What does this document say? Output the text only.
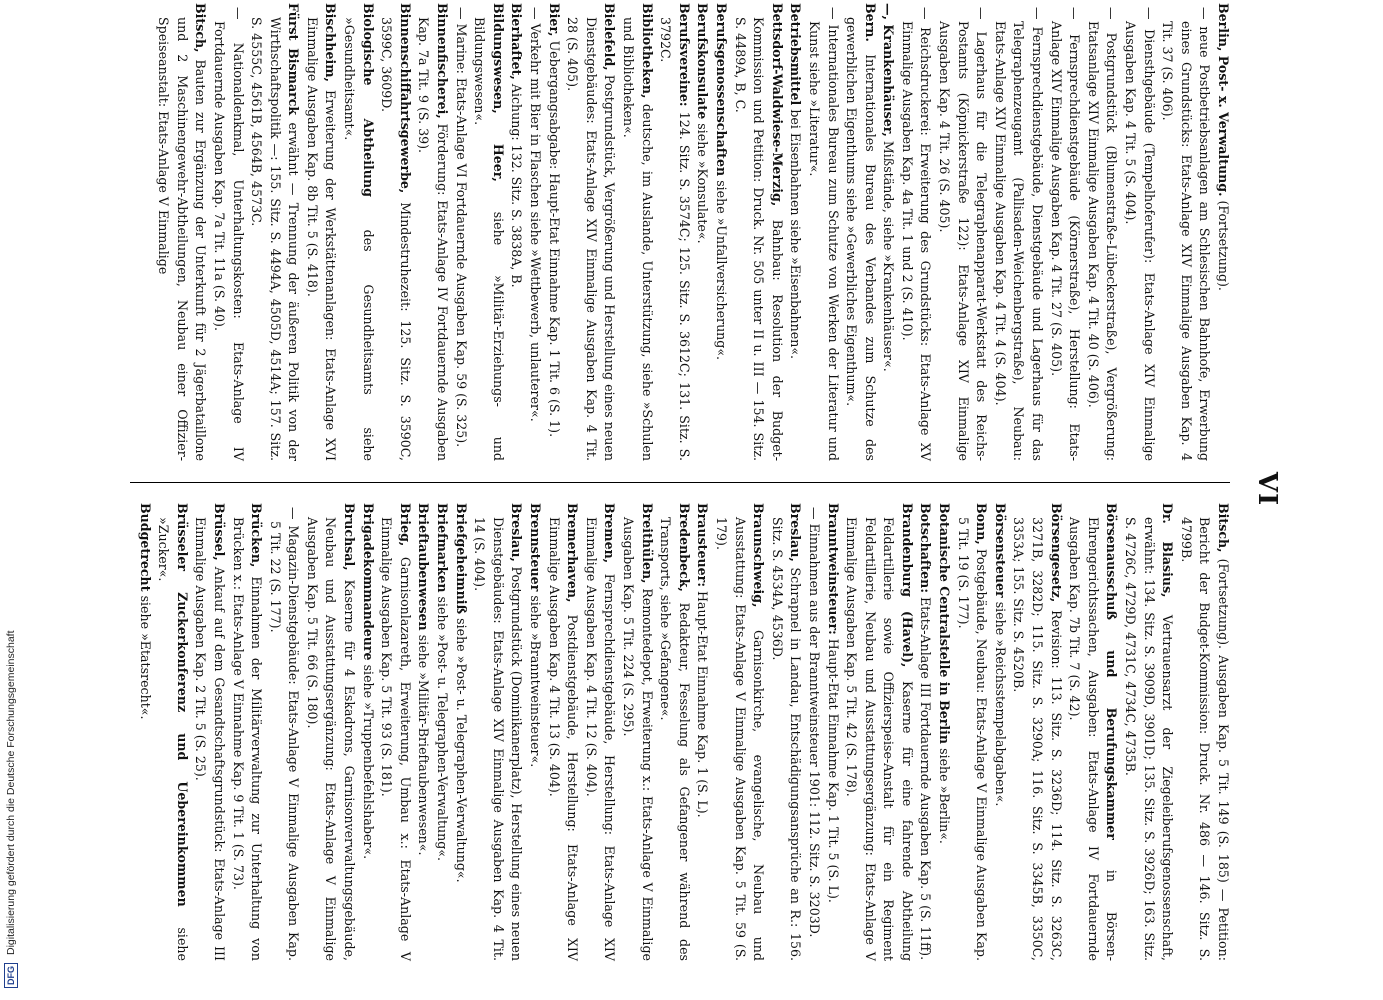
DFG
Digitalisierung gefördert durch die Deutsche Forschungsgemeinschaft
VI

Berlin, Post- x. Verwaltung. (Fortsetzung).

— neue Postbetriebsanlagen am Schlesischen Bahnhofe, Erwerbung eines Grundstücks: Etats-Anlage XIV Einmalige Ausgaben Kap. 4 Tit. 37 (S. 406).

— Diensthgebäude (Tempelhoferufer): Etats-Anlage XIV Einmalige Ausgaben Kap. 4 Tit. 5 (S. 404).

— Postgrundstück (Blumenstraße-Lübeckerstraße), Vergrößerung: Etatsanlage XIV Einmalige Ausgaben Kap. 4 Tit. 40 (S. 406).

— Fernsprechdienstgebäude (Körnerstraße), Herstellung: Etats-Anlage XIV Einmalige Ausgaben Kap. 4 Tit. 27 (S. 405).

— Fernsprechdienstgebäude, Dienstgebäude und Lagerhaus für das Telegraphenzeugamt (Pallisaden-Weichenbergstraße), Neubau: Etats-Anlage XIV Einmalige Ausgaben Kap. 4 Tit. 4 (S. 404).

— Lagerhaus für die Telegraphenapparat-Werkstatt des Reichs-Postamts (Köpnickerstraße 122): Etats-Anlage XIV Einmalige Ausgaben Kap. 4 Tit. 26 (S. 405).

— Reichsdruckerei: Erweiterung des Grundstücks: Etats-Anlage XV Einmalige Ausgaben Kap. 4a Tit. 1 und 2 (S. 410).

—, Krankenhäuser, Mißstände, siehe »Krankenhäuser«.

Bern. Internationales Bureau des Verbandes zum Schutze des gewerblichen Eigenthums siehe »Gewerbliches Eigenthum«.

— Internationales Bureau zum Schutze von Werken der Literatur und Kunst siehe »Literatur«.

Betriebsmittel bei Eisenbahnen siehe »Eisenbahnen«.

Bettsdorf-Waldwiese-Merzig, Bahnbau: Resolution der Budget-Kommission und Petition: Druck. Nr. 505 unter II u. III — 154. Sitz. S. 4489A, B, C.

Berufsgenossenschaften siehe »Unfallversicherung«.

Berufskonsulate siehe »Konsulate«.

Berufsvereine: 124. Sitz. S. 3574C; 125. Sitz. S. 3612C; 131. Sitz. S. 3792C.

Bibliotheken, deutsche, im Auslande, Unterstützung, siehe »Schulen und Bibliotheken«.

Bielefeld, Postgrundstück, Vergrößerung und Herstellung eines neuen Dienstgebäudes: Etats-Anlage XIV Einmalige Ausgaben Kap. 4 Tit. 28 (S. 405).

Bier, Uebergangsabgabe: Haupt-Etat Einnahme Kap. 1 Tit. 6 (S. 1).

— Verkehr mit Bier in Flaschen siehe »Wettbewerb, unlauterer«.

Bierhaftet, Aichung: 132. Sitz. S. 3838A, B.

Bildungswesen, Heer, siehe »Militär-Erziehungs- und Bildungswesen«.

— Marine: Etats-Anlage VI Fortdauernde Ausgaben Kap. 59 (S. 325).

Binnenfischerei, Förderung: Etats-Anlage IV Fortdauernde Ausgaben Kap. 7a Tit. 9 (S. 39).

Binnenschiffahrtsgewerbe, Mindestruhezeit: 125. Sitz. S. 3590C, 3599C, 3609D.

Biologische Abtheilung des Gesundheitsamts siehe »Gesundheitsamt«.

Bischheim, Erweiterung der Werkstättenanlagen: Etats-Anlage XVI Einmalige Ausgaben Kap. 8b Tit. 5 (S. 418).

Fürst Bismarck erwähnt — Trennung der äußeren Politik von der Wirthschaftspolitik —: 155. Sitz. S. 4494A, 4505D, 4514A; 157. Sitz. S. 4555C, 4561B, 4564B, 4573C.

— Nationaldenkmal, Unterhaltungskosten: Etats-Anlage IV Fortdauernde Ausgaben Kap. 7a Tit. 11a (S. 40).

Bitsch, Bauten zur Ergänzung der Unterkunft für 2 Jägerbataillone und 2 Maschinengewehr-Abtheilungen, Neubau einer Offizier-Speiseanstalt: Etats-Anlage V Einmalige

Bitsch, (Fortsetzung). Ausgaben Kap. 5 Tit. 149 (S. 185) — Petition: Bericht der Budget-Kommission: Druck. Nr. 486 — 146. Sitz. S. 4799B.

Dr. Blasius, Vertrauensarzt der Ziegeleiberufsgenossenschaft, erwähnt: 134. Sitz. S. 3909D, 3901D; 135. Sitz. S. 3926D; 163. Sitz. S. 4726C, 4729D, 4731C, 4734C, 4735B.

Börsenausschuß und Berufungskammer in Börsen-Ehrengerichtssachen, Ausgaben: Etats-Anlage IV Fortdauernde Ausgaben Kap. 7b Tit. 7 (S. 42).

Börsengesetz, Revision: 113. Sitz. S. 3236D; 114. Sitz. S. 3263C, 3271B, 3282D; 115. Sitz. S. 3290A; 116. Sitz. S. 3345B, 3350C, 3353A; 155. Sitz. S. 4520B.

Börsensteuer siehe »Reichsstempelabgaben«.

Bonn, Postgebäude, Neubau: Etats-Anlage V Einmalige Ausgaben Kap. 5 Tit. 19 (S. 177).

Botanische Centralstelle in Berlin siehe »Berlin«.

Botschaften: Etats-Anlage III Fortdauernde Ausgaben Kap. 5 (S. 11ff).

Brandenburg (Havel), Kaserne für eine fahrende Abtheilung Feldartillerie sowie Offizierspeise-Anstalt für ein Regiment Feldartillerie, Neubau und Ausstattungsergänzung: Etats-Anlage V Einmalige Ausgaben Kap. 5 Tit. 42 (S. 178).

Branntweinsteuer: Haupt-Etat Einnahme Kap. 1 Tit. 5 (S. L).

— Einnahmen aus der Branntweinsteuer 1901: 112. Sitz. S. 3203D.

Breslau, Schrapnel in Landau, Entschädigungsansprüche an R.: 156. Sitz. S. 4534A, 4536D.

Braunschweig, Garnisonkirche, evangelische, Neubau und Ausstattung: Etats-Anlage V Einmalige Ausgaben Kap. 5 Tit. 59 (S. 179).

Brausteuer: Haupt-Etat Einnahme Kap. 1 (S. L).

Bredenbeck, Redakteur, Fesselung als Gefangener während des Transports, siehe »Gefangene«.

Breithülen, Remontedepot, Erweiterung x.: Etats-Anlage V Einmalige Ausgaben Kap. 5 Tit. 224 (S. 295).

Bremen, Fernsprechdienstgebäude, Herstellung: Etats-Anlage XIV Einmalige Ausgaben Kap. 4 Tit. 12 (S. 404).

Bremerhaven, Postdienstgebäude, Herstellung: Etats-Anlage XIV Einmalige Ausgaben Kap. 4 Tit. 13 (S. 404).

Brennsteuer siehe »Branntweinsteuer«.

Breslau, Postgrundstück (Dominikanerplatz), Herstellung eines neuen Dienstgebäudes: Etats-Anlage XIV Einmalige Ausgaben Kap. 4 Tit. 14 (S. 404).

Briefgeheimniß siehe »Post- u. Telegraphen-Verwaltung«.

Briefmarken siehe »Post- u. Telegraphen-Verwaltung«.

Brieftaubenwesen siehe »Militär-Brieftaubenwesen«.

Brieg, Garnisonlazareth, Erweiterung, Umbau x.: Etats-Anlage V Einmalige Ausgaben Kap. 5 Tit. 93 (S. 181).

Brigadekommandeure siehe »Truppenbefehlshaber«.

Bruchsal, Kaserne für 4 Eskadrons, Garnisonverwaltungsgebäude, Neubau und Ausstattungsergänzung: Etats-Anlage V Einmalige Ausgaben Kap. 5 Tit. 66 (S. 180).

— Magazin-Dienstgebäude: Etats-Anlage V Einmalige Ausgaben Kap. 5 Tit. 22 (S. 177).

Brücken, Einnahmen der Militärverwaltung zur Unterhaltung von Brücken x.: Etats-Anlage V Einnahme Kap. 9 Tit. 1 (S. 73).

Brüssel, Ankauf auf dem Gesandtschaftsgrundstück: Etats-Anlage III Einmalige Ausgaben Kap. 2 Tit. 5 (S. 25).

Brüsseler Zuckerkonferenz und Uebereinkommen siehe »Zucker«.

Budgetrecht siehe »Etatsrecht«.
